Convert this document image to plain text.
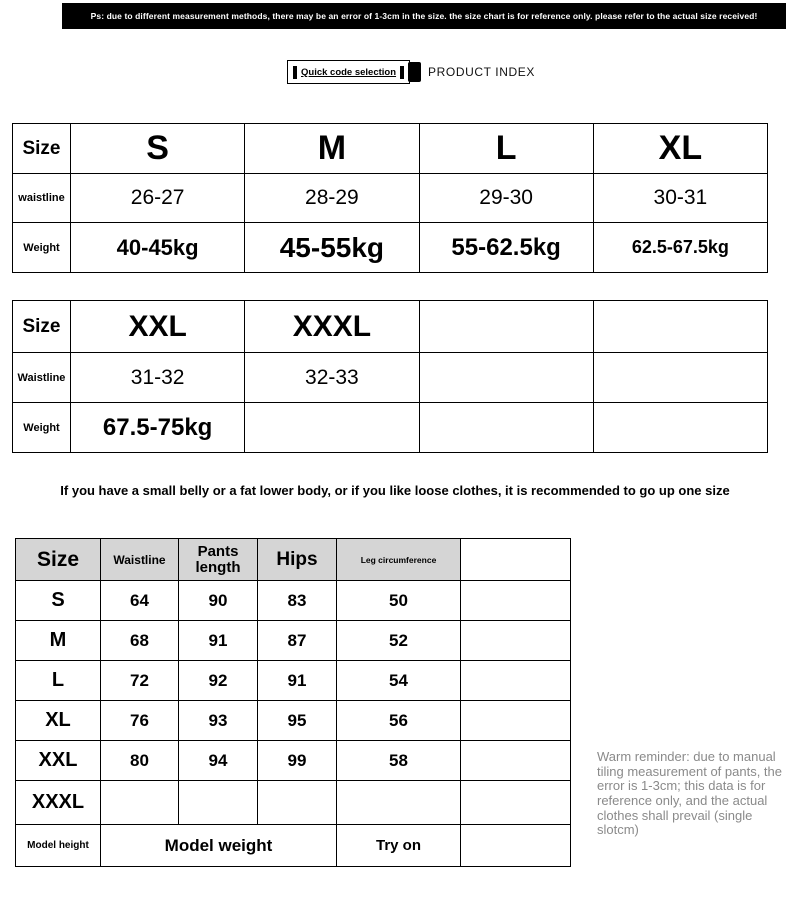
Ps: due to different measurement methods, there may be an error of 1-3cm in the size. the size chart is for reference only. please refer to the actual size received!
Quick code selection	PRODUCT INDEX
Size	S	M	L	XL
waistline	26-27	28-29	29-30	30-31
Weight	40-45kg	45-55kg	55-62.5kg	62.5-67.5kg
Size	XXL	XXXL		
Waistline	31-32	32-33		
Weight	67.5-75kg			
If you have a small belly or a fat lower body, or if you like loose clothes, it is recommended to go up one size
Size	Waistline	Pants length	Hips	Leg circumference	
S	64	90	83	50	
M	68	91	87	52	
L	72	92	91	54	
XL	76	93	95	56	
XXL	80	94	99	58	
XXXL					
Model height	Model weight			Try on	
Warm reminder: due to manual tiling measurement of pants, the error is 1-3cm; this data is for reference only, and the actual clothes shall prevail (single slotcm)
